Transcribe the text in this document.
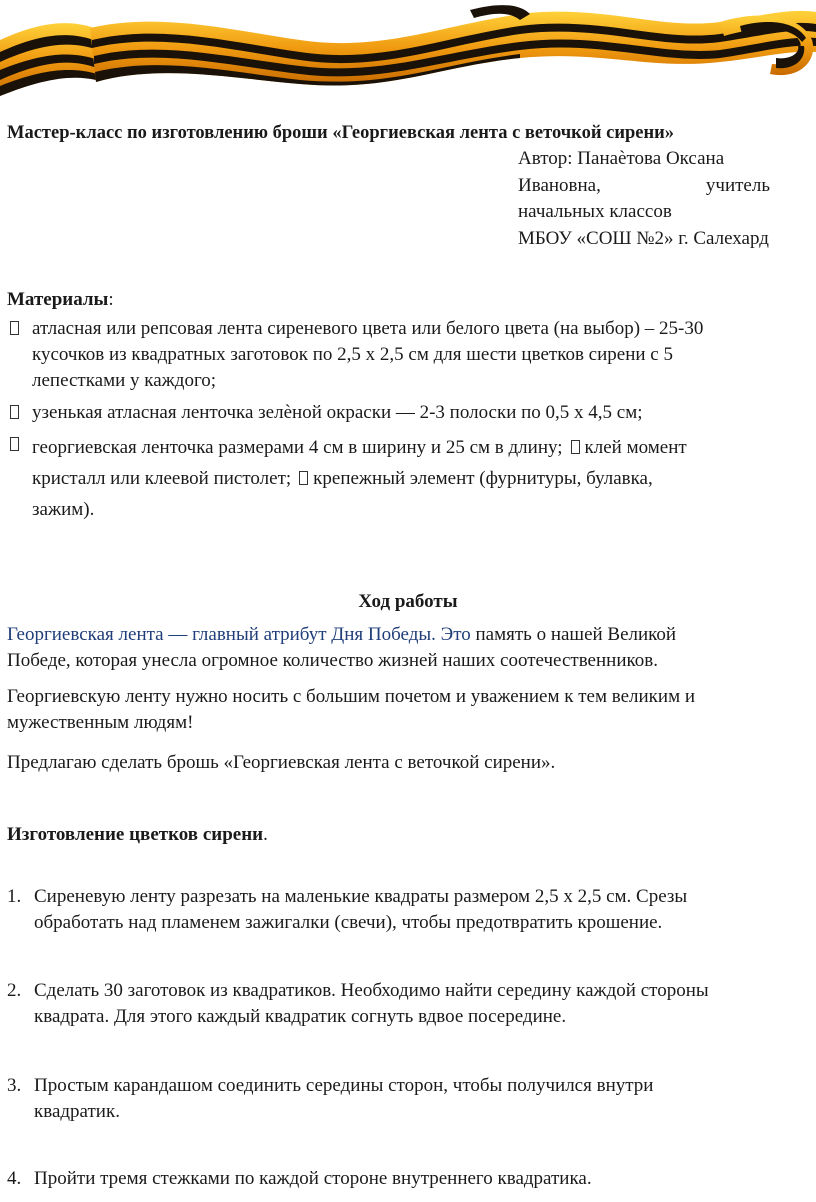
Мастер-класс по изготовлению броши «Георгиевская лента с веточкой сирени»

Автор: Панаѐтова Оксана
Ивановна,	учитель
начальных классов
МБОУ «СОШ №2» г. Салехард

Материалы:

атласная или репсовая лента сиреневого цвета или белого цвета (на выбор) – 25-30
кусочков из квадратных заготовок по 2,5 х 2,5 см для шести цветков сирени с 5
лепестками у каждого;
узенькая атласная ленточка зелѐной окраски — 2-3 полоски по 0,5 х 4,5 см;
георгиевская ленточка размерами 4 см в ширину и 25 см в длину; клей момент
кристалл или клеевой пистолет; крепежный элемент (фурнитуры, булавка,
зажим).

Ход работы

Георгиевская лента — главный атрибут Дня Победы. Это память о нашей Великой
Победе, которая унесла огромное количество жизней наших соотечественников.
Георгиевскую ленту нужно носить с большим почетом и уважением к тем великим и
мужественным людям!
Предлагаю сделать брошь «Георгиевская лента с веточкой сирени».

Изготовление цветков сирени.

1. Сиреневую ленту разрезать на маленькие квадраты размером 2,5 х 2,5 см. Срезы
обработать над пламенем зажигалки (свечи), чтобы предотвратить крошение.
2. Сделать 30 заготовок из квадратиков. Необходимо найти середину каждой стороны
квадрата. Для этого каждый квадратик согнуть вдвое посередине.
3. Простым карандашом соединить середины сторон, чтобы получился внутри
квадратик.
4. Пройти тремя стежками по каждой стороне внутреннего квадратика.
